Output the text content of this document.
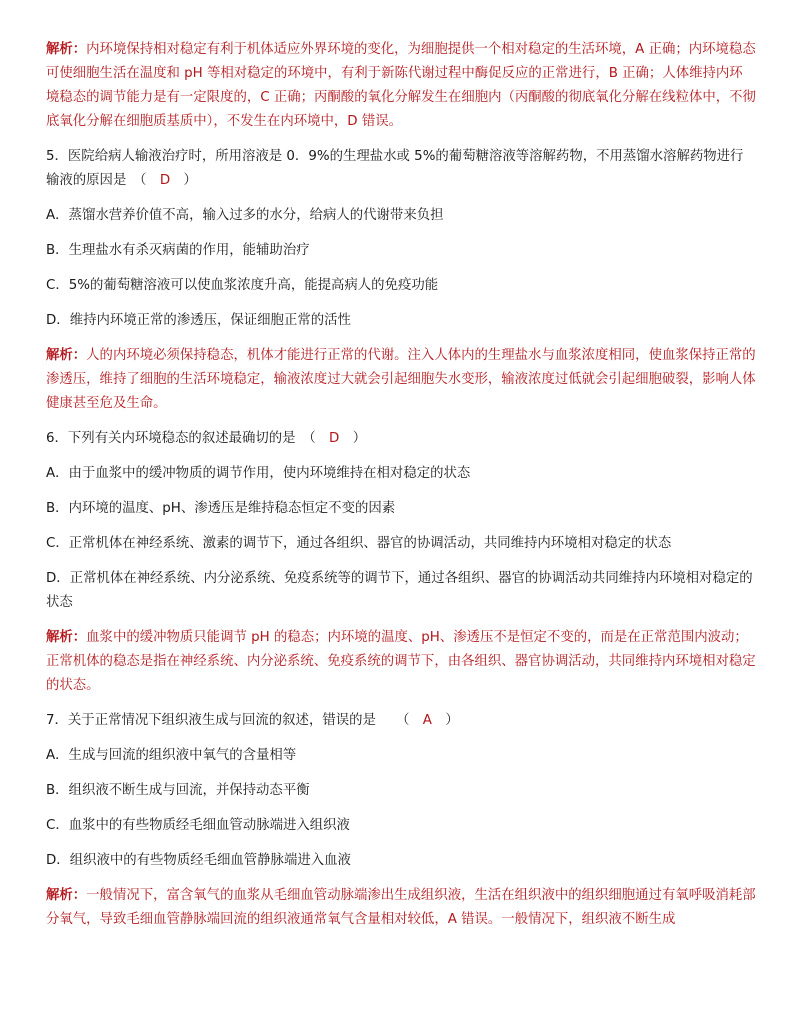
解析：内环境保持相对稳定有利于机体适应外界环境的变化，为细胞提供一个相对稳定的生活环境，A 正确；内环境稳态可使细胞生活在温度和 pH 等相对稳定的环境中，有利于新陈代谢过程中酶促反应的正常进行，B 正确；人体维持内环境稳态的调节能力是有一定限度的，C 正确；丙酮酸的氧化分解发生在细胞内（丙酮酸的彻底氧化分解在线粒体中，不彻底氧化分解在细胞质基质中），不发生在内环境中，D 错误。

5．医院给病人输液治疗时，所用溶液是 0．9%的生理盐水或 5%的葡萄糖溶液等溶解药物，不用蒸馏水溶解药物进行输液的原因是　（　 D　 ）

A．蒸馏水营养价值不高，输入过多的水分，给病人的代谢带来负担

B．生理盐水有杀灭病菌的作用，能辅助治疗

C．5%的葡萄糖溶液可以使血浆浓度升高，能提高病人的免疫功能

D．维持内环境正常的渗透压，保证细胞正常的活性

解析：人的内环境必须保持稳态，机体才能进行正常的代谢。注入人体内的生理盐水与血浆浓度相同，使血浆保持正常的渗透压，维持了细胞的生活环境稳定，输液浓度过大就会引起细胞失水变形，输液浓度过低就会引起细胞破裂，影响人体健康甚至危及生命。

6．下列有关内环境稳态的叙述最确切的是　（　 D　 ）

A．由于血浆中的缓冲物质的调节作用，使内环境维持在相对稳定的状态

B．内环境的温度、pH、渗透压是维持稳态恒定不变的因素

C．正常机体在神经系统、激素的调节下，通过各组织、器官的协调活动，共同维持内环境相对稳定的状态

D．正常机体在神经系统、内分泌系统、免疫系统等的调节下，通过各组织、器官的协调活动共同维持内环境相对稳定的状态

解析：血浆中的缓冲物质只能调节 pH 的稳态；内环境的温度、pH、渗透压不是恒定不变的，而是在正常范围内波动；正常机体的稳态是指在神经系统、内分泌系统、免疫系统的调节下，由各组织、器官协调活动，共同维持内环境相对稳定的状态。

7．关于正常情况下组织液生成与回流的叙述，错误的是　　（　 A　 ）

A．生成与回流的组织液中氧气的含量相等

B．组织液不断生成与回流，并保持动态平衡

C．血浆中的有些物质经毛细血管动脉端进入组织液

D．组织液中的有些物质经毛细血管静脉端进入血液

解析：一般情况下，富含氧气的血浆从毛细血管动脉端渗出生成组织液，生活在组织液中的组织细胞通过有氧呼吸消耗部分氧气，导致毛细血管静脉端回流的组织液通常氧气含量相对较低，A 错误。一般情况下，组织液不断生成
